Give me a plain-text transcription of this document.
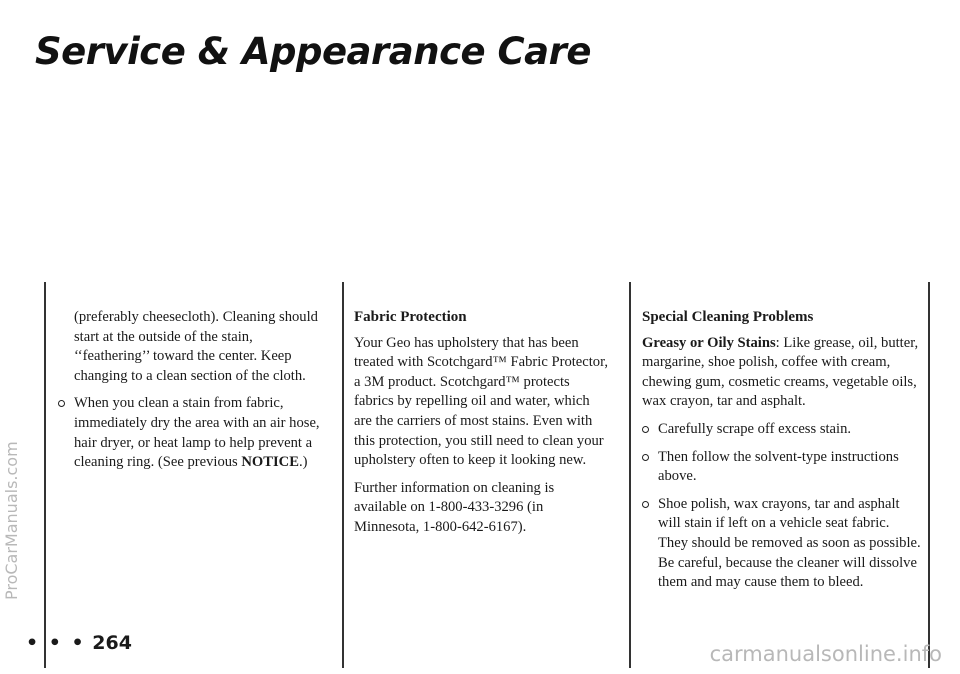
Service & Appearance Care
ProCarManuals.com

(preferably cheesecloth). Cleaning should start at the outside of the stain, ‘‘feathering’’ toward the center. Keep changing to a clean section of the cloth.

When you clean a stain from fabric, immediately dry the area with an air hose, hair dryer, or heat lamp to help prevent a cleaning ring. (See previous NOTICE.)
Fabric Protection

Your Geo has upholstery that has been treated with Scotchgard™ Fabric Protector, a 3M product. Scotchgard™ protects fabrics by repelling oil and water, which are the carriers of most stains. Even with this protection, you still need to clean your upholstery often to keep it looking new.

Further information on cleaning is available on 1-800-433-3296 (in Minnesota, 1-800-642-6167).

Special Cleaning Problems

Greasy or Oily Stains: Like grease, oil, butter, margarine, shoe polish, coffee with cream, chewing gum, cosmetic creams, vegetable oils, wax crayon, tar and asphalt.

Carefully scrape off excess stain.
Then follow the solvent-type instructions above.
Shoe polish, wax crayons, tar and asphalt will stain if left on a vehicle seat fabric. They should be removed as soon as possible. Be careful, because the cleaner will dissolve them and may cause them to bleed.
• • • 264	carmanualsonline.info
